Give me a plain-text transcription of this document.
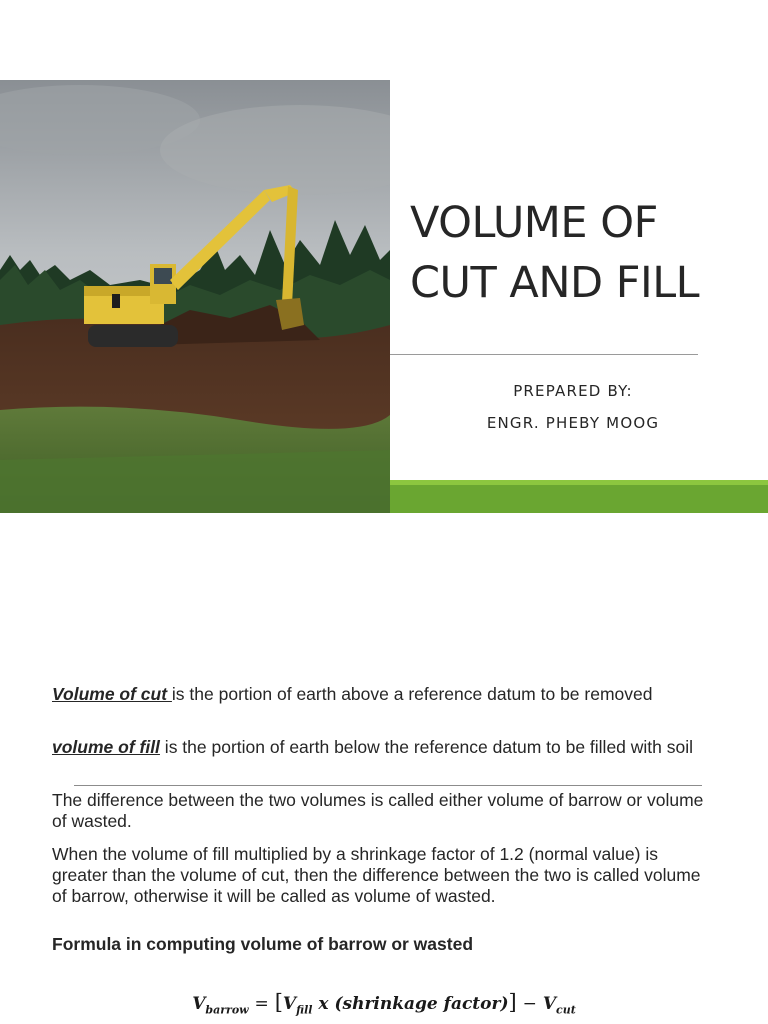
VOLUME OF
CUT AND FILL
PREPARED BY:
ENGR. PHEBY MOOG

Volume of cut is the portion of earth above a reference datum to be removed

volume of fill is the portion of earth below the reference datum to be filled with soil

The difference between the two volumes is called either volume of barrow or volume of wasted.

When the volume of fill multiplied by a shrinkage factor of 1.2 (normal value) is greater than the volume of cut, then the difference between the two is called volume of barrow, otherwise it will be called as volume of wasted.

Formula in computing volume of barrow or wasted

$V_{barrow} = [V_{fill}$ x (shrinkage factor)] − $V_{cut}$
